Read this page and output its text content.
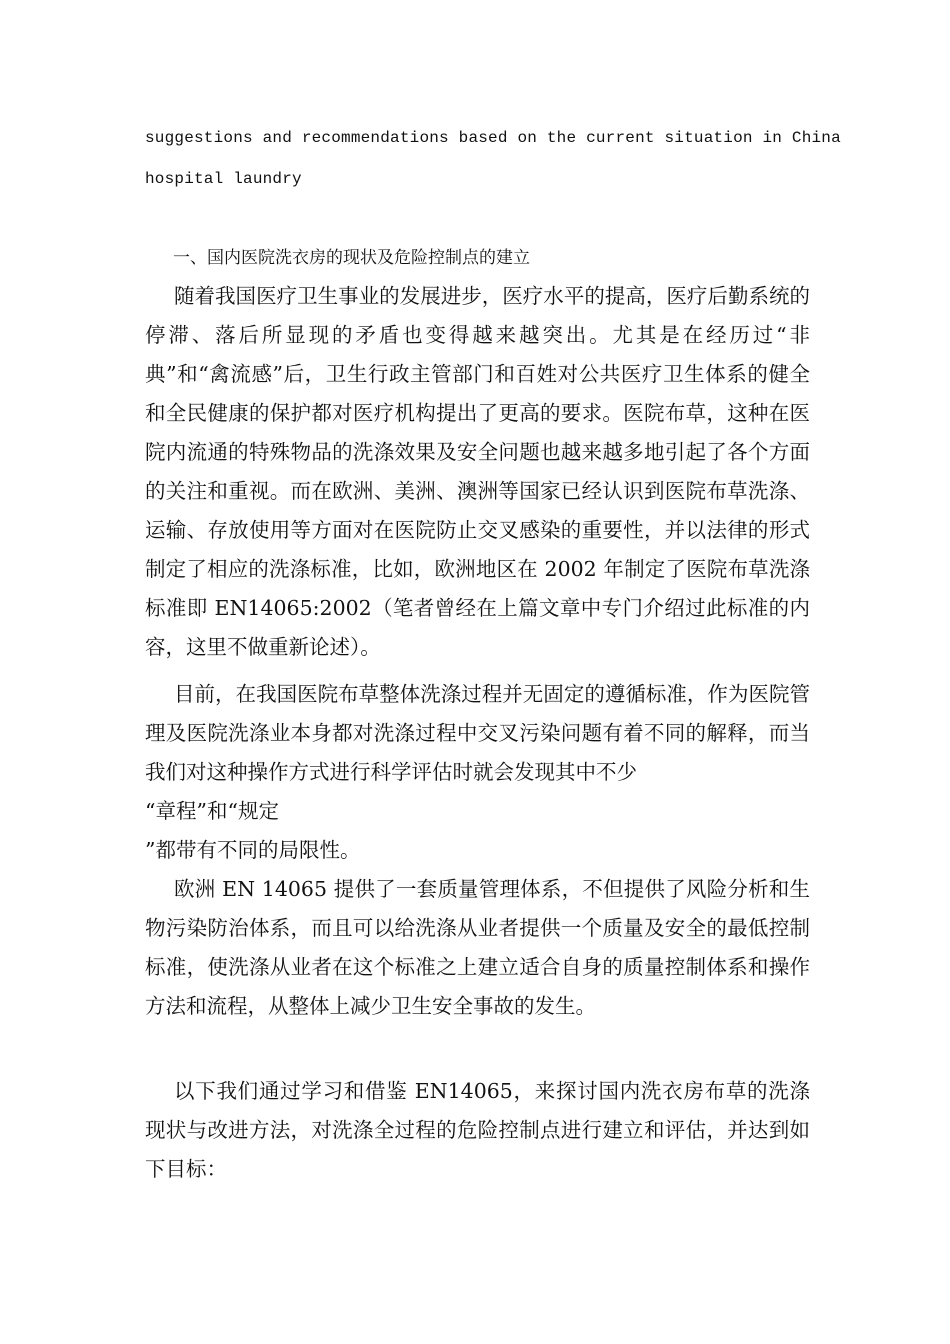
suggestions and recommendations based on the current situation in China
hospital laundry
一、国内医院洗衣房的现状及危险控制点的建立

随着我国医疗卫生事业的发展进步，医疗水平的提高，医疗后勤系统的停滞、落后所显现的矛盾也变得越来越突出。尤其是在经历过“非典”和“禽流感”后，卫生行政主管部门和百姓对公共医疗卫生体系的健全和全民健康的保护都对医疗机构提出了更高的要求。医院布草，这种在医院内流通的特殊物品的洗涤效果及安全问题也越来越多地引起了各个方面的关注和重视。而在欧洲、美洲、澳洲等国家已经认识到医院布草洗涤、运输、存放使用等方面对在医院防止交叉感染的重要性，并以法律的形式制定了相应的洗涤标准，比如，欧洲地区在 2002 年制定了医院布草洗涤标准即 EN14065:2002（笔者曾经在上篇文章中专门介绍过此标准的内容，这里不做重新论述）。

目前，在我国医院布草整体洗涤过程并无固定的遵循标准，作为医院管理及医院洗涤业本身都对洗涤过程中交叉污染问题有着不同的解释，而当我们对这种操作方式进行科学评估时就会发现其中不少

“章程”和“规定
”都带有不同的局限性。

欧洲 EN 14065 提供了一套质量管理体系，不但提供了风险分析和生物污染防治体系，而且可以给洗涤从业者提供一个质量及安全的最低控制标准，使洗涤从业者在这个标准之上建立适合自身的质量控制体系和操作方法和流程，从整体上减少卫生安全事故的发生。

以下我们通过学习和借鉴 EN14065，来探讨国内洗衣房布草的洗涤现状与改进方法，对洗涤全过程的危险控制点进行建立和评估，并达到如下目标：
